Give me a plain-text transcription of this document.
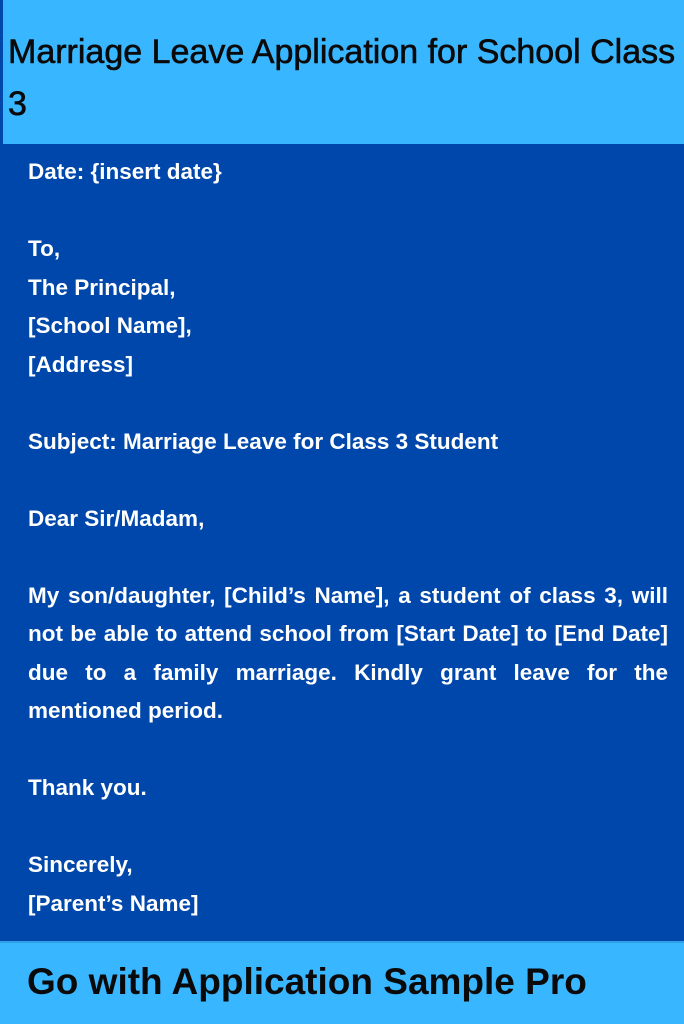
Marriage Leave Application for School Class 3
Date: {insert date}
To,
The Principal,
[School Name],
[Address]
Subject: Marriage Leave for Class 3 Student
Dear Sir/Madam,
My son/daughter, [Child’s Name], a student of class 3, will not be able to attend school from [Start Date] to [End Date] due to a family marriage. Kindly grant leave for the mentioned period.
Thank you.
Sincerely,
[Parent’s Name]
Go with Application Sample Pro
